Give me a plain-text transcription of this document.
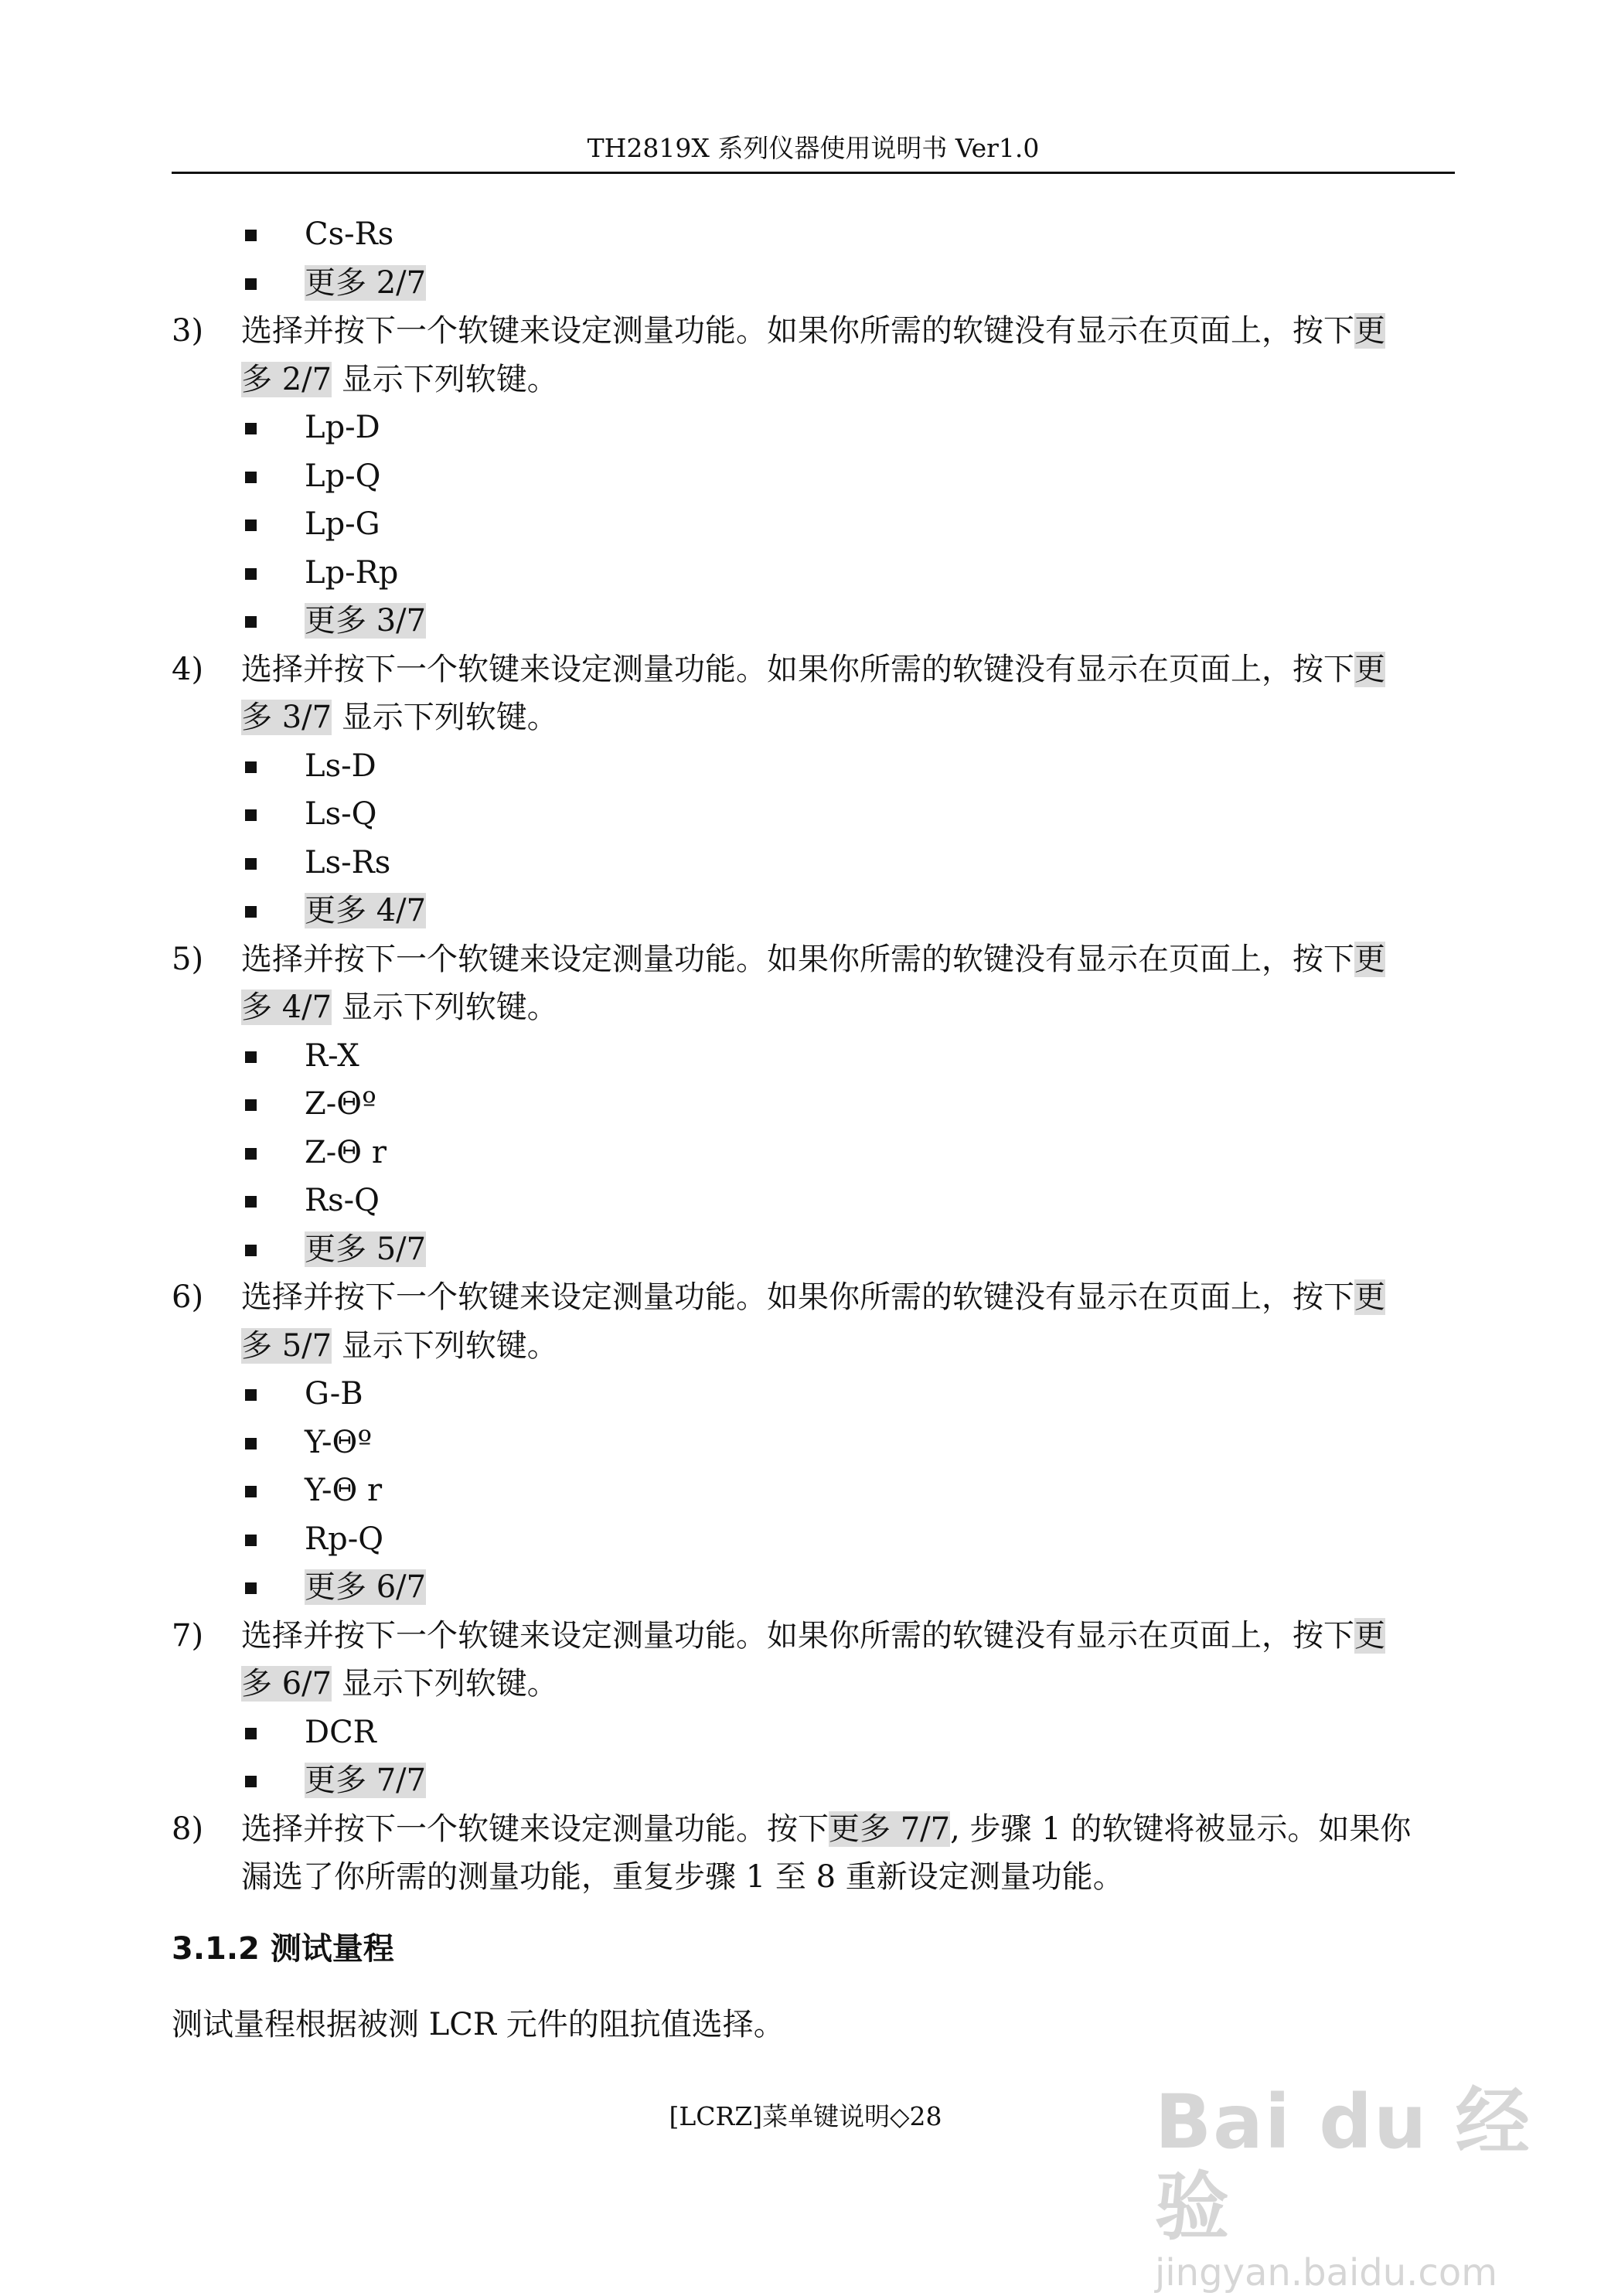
TH2819X 系列仪器使用说明书 Ver1.0
Cs-Rs
更多 2/7
3) 选择并按下一个软键来设定测量功能。如果你所需的软键没有显示在页面上，按下更
多 2/7 显示下列软键。
Lp-D
Lp-Q
Lp-G
Lp-Rp
更多 3/7
4) 选择并按下一个软键来设定测量功能。如果你所需的软键没有显示在页面上，按下更
多 3/7 显示下列软键。
Ls-D
Ls-Q
Ls-Rs
更多 4/7
5) 选择并按下一个软键来设定测量功能。如果你所需的软键没有显示在页面上，按下更
多 4/7 显示下列软键。
R-X
Z-Θº
Z-Θ r
Rs-Q
更多 5/7
6) 选择并按下一个软键来设定测量功能。如果你所需的软键没有显示在页面上，按下更
多 5/7 显示下列软键。
G-B
Y-Θº
Y-Θ r
Rp-Q
更多 6/7
7) 选择并按下一个软键来设定测量功能。如果你所需的软键没有显示在页面上，按下更
多 6/7 显示下列软键。
DCR
更多 7/7
8) 选择并按下一个软键来设定测量功能。按下更多 7/7, 步骤 1 的软键将被显示。如果你
漏选了你所需的测量功能，重复步骤 1 至 8 重新设定测量功能。
3.1.2 测试量程
测试量程根据被测 LCR 元件的阻抗值选择。
[LCRZ]菜单键说明◇28	Bai du 经验
jingyan.baidu.com
